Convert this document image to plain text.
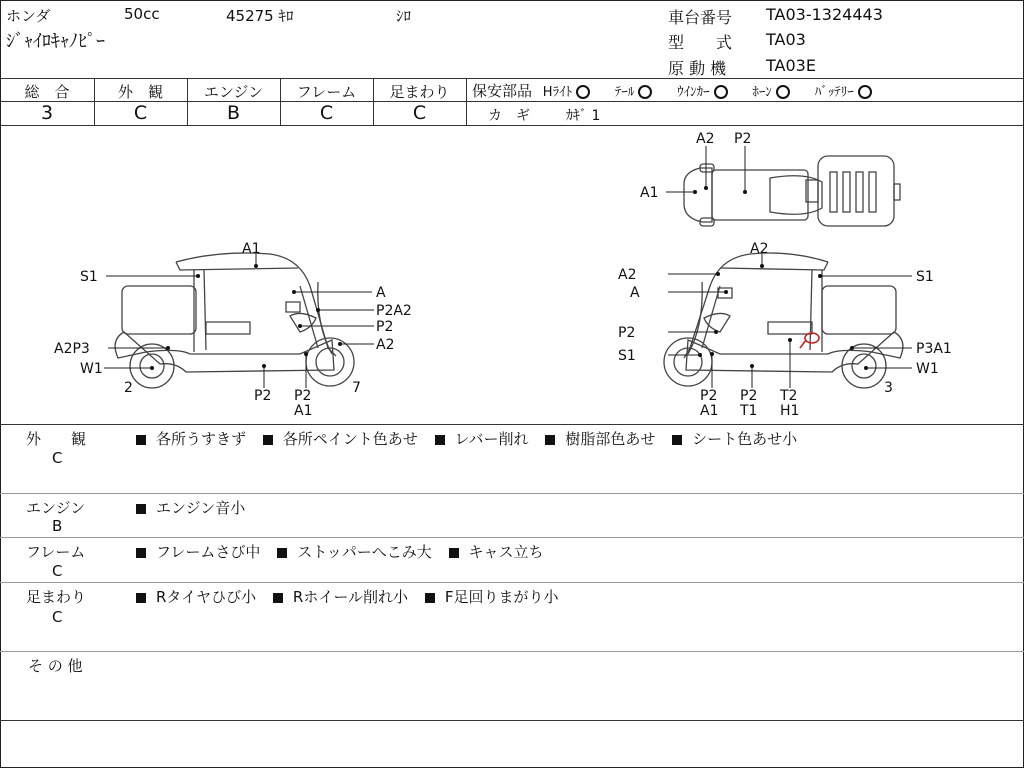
ホンダ	50cc	45275 ｷﾛ	ｼﾛ
ｼﾞｬｲﾛｷｬﾉﾋﾟｰ
車台番号 TA03-1324443
型　　式 TA03
原 動 機 TA03E
総　合
3
外　観
C
エンジン
B
フレーム
C
足まわり
C
保安部品 Hﾗｲﾄ	ﾃｰﾙ	ｳｲﾝｶｰ	ﾎｰﾝ	ﾊﾞｯﾃﾘｰ
カ　ギ	ｶｷﾞ 1
A2 P2
A1
A1
S1
A
P2A2
P2
A2
A2P3
W1
2	P2 P2
A1
7
A2
A2
A
P2
S1
S1
P3A1
W1
3
P2
A1
P2
T1
T2
H1
外　　観
C
各所うすきず 各所ペイント色あせ レバー削れ 樹脂部色あせ シート色あせ小
エンジン
B
エンジン音小
フレーム
C
フレームさび中 ストッパーへこみ大 キャス立ち
足まわり
C
Rタイヤひび小 Rホイール削れ小 F足回りまがり小
そ の 他
